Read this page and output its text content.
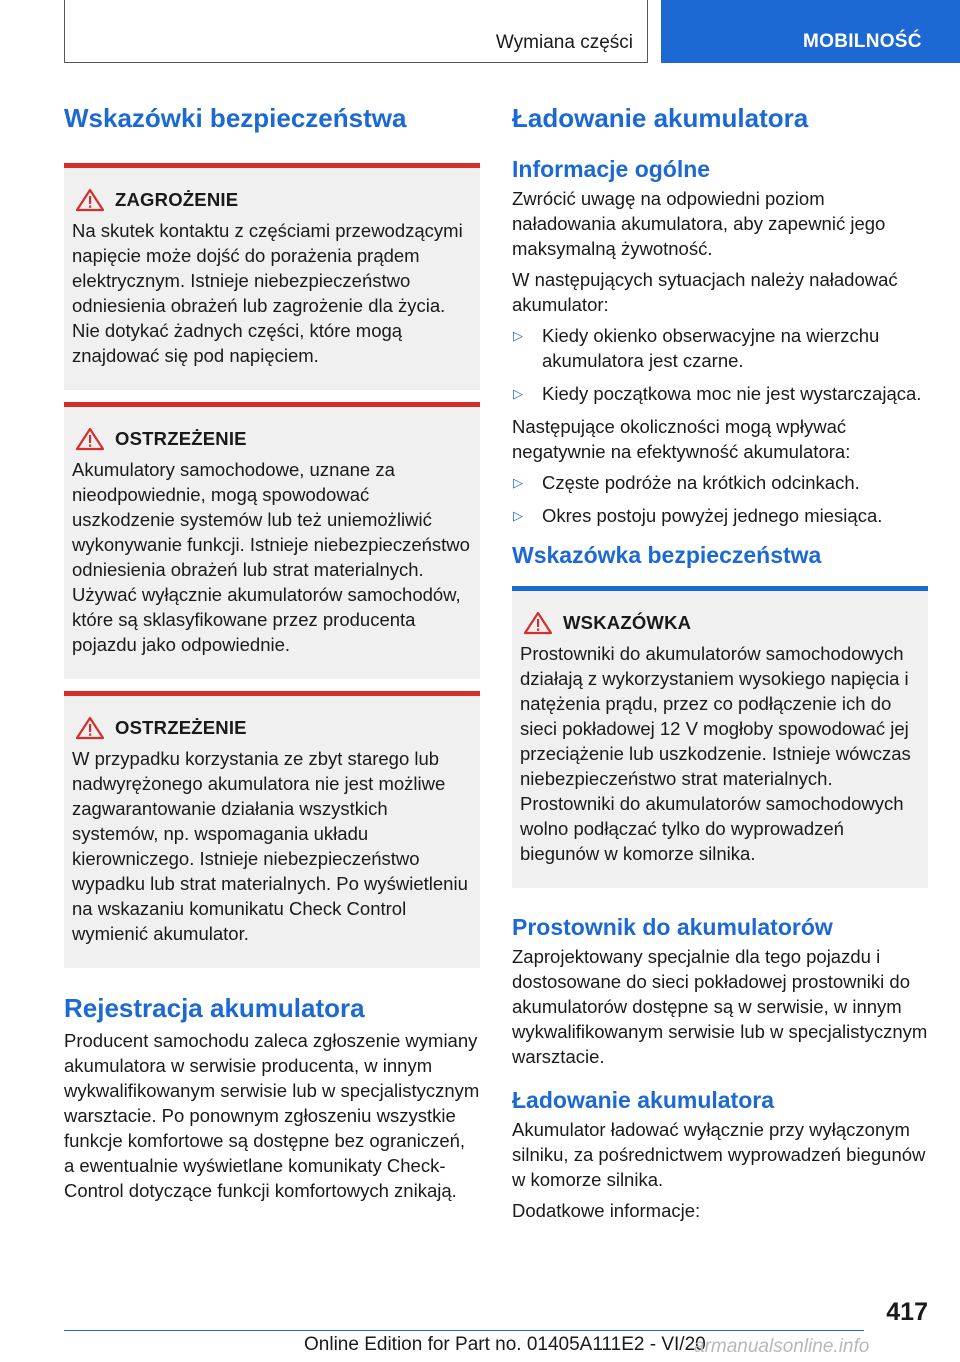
Wymiana części	MOBILNOŚĆ
Wskazówki bezpieczeństwa
ZAGROŻENIE

Na skutek kontaktu z częściami przewodzącymi napięcie może dojść do porażenia prądem elektrycznym. Istnieje niebezpieczeństwo odniesienia obrażeń lub zagrożenie dla życia. Nie dotykać żadnych części, które mogą znajdować się pod napięciem.

OSTRZEŻENIE

Akumulatory samochodowe, uznane za nieodpowiednie, mogą spowodować uszkodzenie systemów lub też uniemożliwić wykonywanie funkcji. Istnieje niebezpieczeństwo odniesienia obrażeń lub strat materialnych. Używać wyłącznie akumulatorów samochodów, które są sklasyfikowane przez producenta pojazdu jako odpowiednie.

OSTRZEŻENIE

W przypadku korzystania ze zbyt starego lub nadwyrężonego akumulatora nie jest możliwe zagwarantowanie działania wszystkich systemów, np. wspomagania układu kierowniczego. Istnieje niebezpieczeństwo wypadku lub strat materialnych. Po wyświetleniu na wskazaniu komunikatu Check Control wymienić akumulator.

Rejestracja akumulatora

Producent samochodu zaleca zgłoszenie wymiany akumulatora w serwisie producenta, w innym wykwalifikowanym serwisie lub w specjalistycznym warsztacie. Po ponownym zgłoszeniu wszystkie funkcje komfortowe są dostępne bez ograniczeń, a ewentualnie wyświetlane komunikaty Check-Control dotyczące funkcji komfortowych znikają.

Ładowanie akumulatora
Informacje ogólne

Zwrócić uwagę na odpowiedni poziom naładowania akumulatora, aby zapewnić jego maksymalną żywotność.

W następujących sytuacjach należy naładować akumulator:

▷	Kiedy okienko obserwacyjne na wierzchu akumulatora jest czarne.
▷	Kiedy początkowa moc nie jest wystarczająca.

Następujące okoliczności mogą wpływać negatywnie na efektywność akumulatora:

▷	Częste podróże na krótkich odcinkach.
▷	Okres postoju powyżej jednego miesiąca.
Wskazówka bezpieczeństwa
WSKAZÓWKA

Prostowniki do akumulatorów samochodowych działają z wykorzystaniem wysokiego napięcia i natężenia prądu, przez co podłączenie ich do sieci pokładowej 12 V mogłoby spowodować jej przeciążenie lub uszkodzenie. Istnieje wówczas niebezpieczeństwo strat materialnych. Prostowniki do akumulatorów samochodowych wolno podłączać tylko do wyprowadzeń biegunów w komorze silnika.

Prostownik do akumulatorów

Zaprojektowany specjalnie dla tego pojazdu i dostosowane do sieci pokładowej prostowniki do akumulatorów dostępne są w serwisie, w innym wykwalifikowanym serwisie lub w specjalistycznym warsztacie.

Ładowanie akumulatora

Akumulator ładować wyłącznie przy wyłączonym silniku, za pośrednictwem wyprowadzeń biegunów w komorze silnika.

Dodatkowe informacje:

417
Online Edition for Part no. 01405A111E2 - VI/20
armanualsonline.info
